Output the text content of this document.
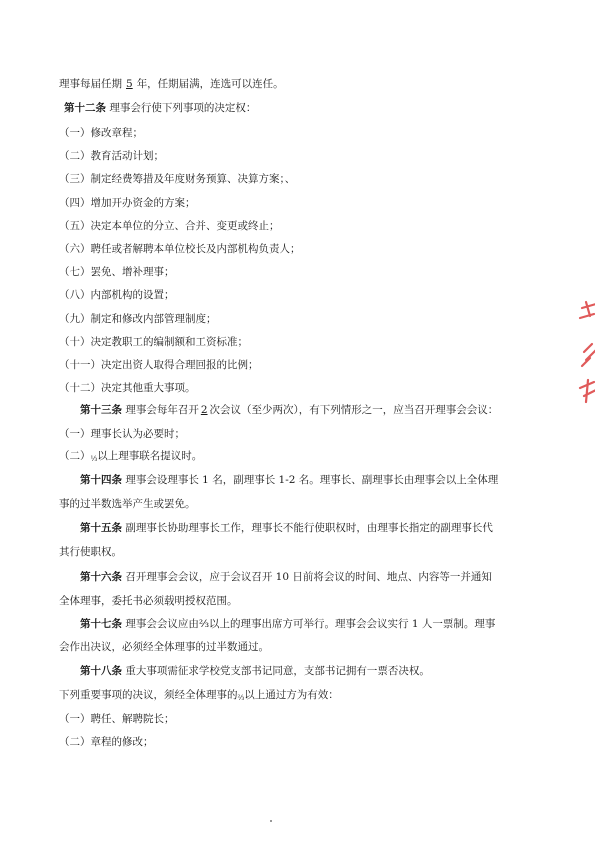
理事每届任期 5 年，任期届满，连选可以连任。
第十二条 理事会行使下列事项的决定权：
（一）修改章程；
（二）教育活动计划；
（三）制定经费筹措及年度财务预算、决算方案；、
（四）增加开办资金的方案；
（五）决定本单位的分立、合并、变更或终止；
（六）聘任或者解聘本单位校长及内部机构负责人；
（七）罢免、增补理事；
（八）内部机构的设置；
（九）制定和修改内部管理制度；
（十）决定教职工的编制额和工资标准；
（十一）决定出资人取得合理回报的比例；
（十二）决定其他重大事项。
第十三条 理事会每年召开 2 次会议（至少两次），有下列情形之一，应当召开理事会会议：
（一）理事长认为必要时；
（二）$_{\frac{1}{3}}$以上理事联名提议时。
第十四条 理事会设理事长 1 名，副理事长 1-2 名。理事长、副理事长由理事会以上全体理
事的过半数选举产生或罢免。
第十五条 副理事长协助理事长工作，理事长不能行使职权时，由理事长指定的副理事长代
其行使职权。
第十六条 召开理事会会议，应于会议召开 10 日前将会议的时间、地点、内容等一并通知
全体理事，委托书必须载明授权范围。
第十七条 理事会会议应由⅔以上的理事出席方可举行。理事会会议实行 1 人一票制。理事
会作出决议，必须经全体理事的过半数通过。
第十八条 重大事项需征求学校党支部书记同意，支部书记拥有一票否决权。
下列重要事项的决议，须经全体理事的$_{\frac{2}{3}}$以上通过方为有效：
（一）聘任、解聘院长；
（二）章程的修改；
